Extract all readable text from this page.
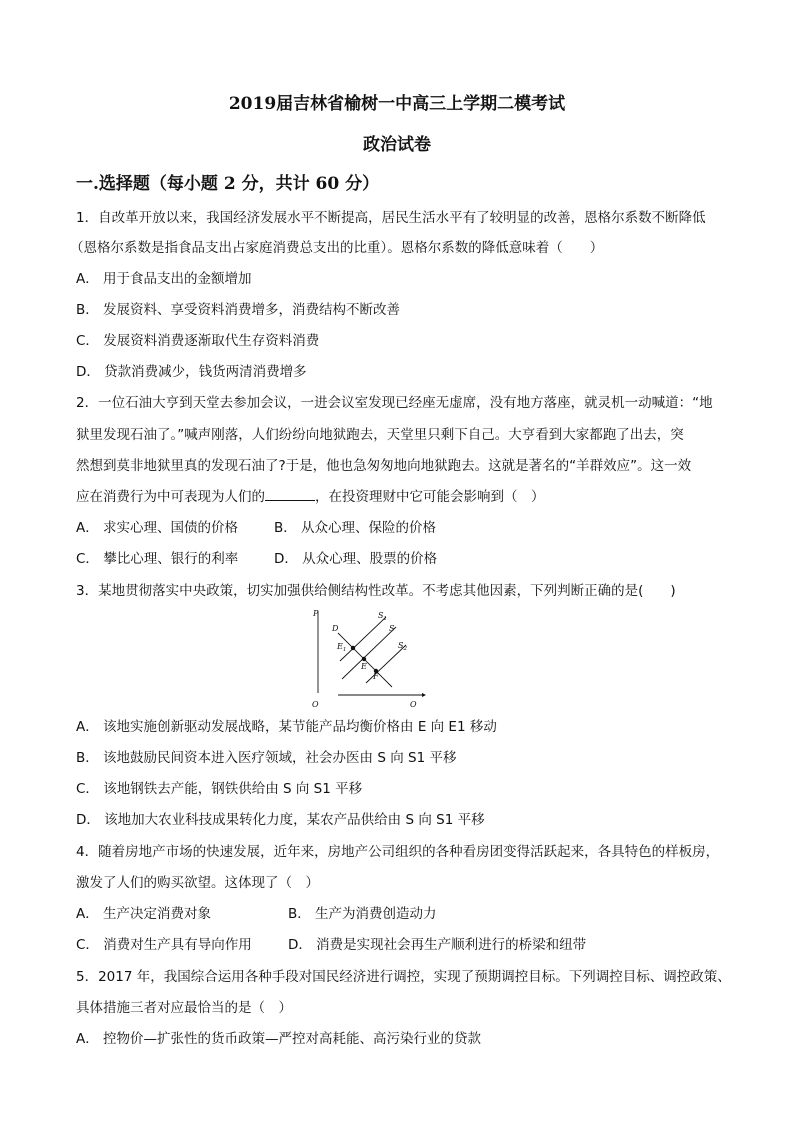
2019届吉林省榆树一中高三上学期二模考试
政治试卷
一.选择题（每小题 2 分，共计 60 分）
1．自改革开放以来，我国经济发展水平不断提高，居民生活水平有了较明显的改善，恩格尔系数不断降低
（恩格尔系数是指食品支出占家庭消费总支出的比重）。恩格尔系数的降低意味着（　　）
A． 用于食品支出的金额增加
B． 发展资料、享受资料消费增多，消费结构不断改善
C． 发展资料消费逐渐取代生存资料消费
D． 贷款消费减少，钱货两清消费增多
2．一位石油大亨到天堂去参加会议，一进会议室发现已经座无虚席，没有地方落座，就灵机一动喊道：“地
狱里发现石油了。”喊声刚落，人们纷纷向地狱跑去，天堂里只剩下自己。大亨看到大家都跑了出去，突
然想到莫非地狱里真的发现石油了?于是，他也急匆匆地向地狱跑去。这就是著名的“羊群效应”。这一效
应在消费行为中可表现为人们的	，在投资理财中它可能会影响到（　）
A． 求实心理、国债的价格	B． 从众心理、保险的价格
C． 攀比心理、银行的利率	D． 从众心理、股票的价格
3．某地贯彻落实中央政策，切实加强供给侧结构性改革。不考虑其他因素，下列判断正确的是(　　)
P
O	O
D
$S_1$
S
$S_2$
$E_1$
E
F
A． 该地实施创新驱动发展战略，某节能产品均衡价格由 E 向 E1 移动
B． 该地鼓励民间资本进入医疗领域，社会办医由 S 向 S1 平移
C． 该地钢铁去产能，钢铁供给由 S 向 S1 平移
D． 该地加大农业科技成果转化力度，某农产品供给由 S 向 S1 平移
4．随着房地产市场的快速发展，近年来，房地产公司组织的各种看房团变得活跃起来，各具特色的样板房，
激发了人们的购买欲望。这体现了（　）
A． 生产决定消费对象	B． 生产为消费创造动力
C． 消费对生产具有导向作用	D． 消费是实现社会再生产顺利进行的桥梁和纽带
5．2017 年，我国综合运用各种手段对国民经济进行调控，实现了预期调控目标。下列调控目标、调控政策、
具体措施三者对应最恰当的是（　）
A． 控物价—扩张性的货币政策—严控对高耗能、高污染行业的贷款
